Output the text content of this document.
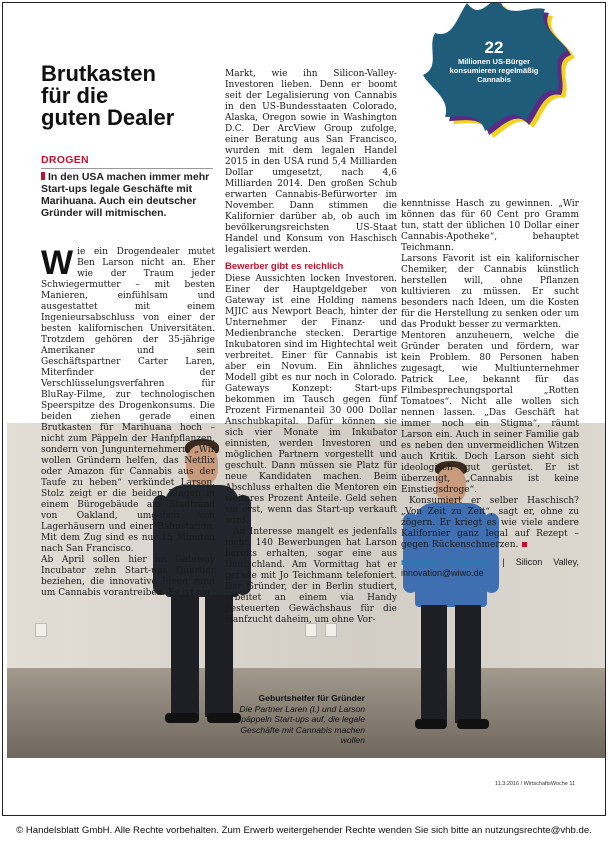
Brutkasten
für die
guten Dealer
DROGEN
In den USA machen immer mehr Start-ups legale Geschäfte mit Marihuana. Auch ein deutscher Gründer will mitmischen.

Wie ein Drogendealer mutet Ben Larson nicht an. Eher wie der Traum jeder Schwiegermutter – mit besten Manieren, einfühlsam und ausgestattet mit einem Ingenieursabschluss von einer der besten kalifornischen Universitäten. Trotzdem gehören der 35-jährige Amerikaner und sein Geschäftspartner Carter Laren, Miterfinder der Verschlüsselungsverfahren für BluRay-Filme, zur technologischen Speerspitze des Drogenkonsums. Die beiden ziehen gerade einen Brutkasten für Marihuana hoch – nicht zum Päppeln der Hanfpflanzen, sondern von Jungunternehmern. „Wir wollen Gründern helfen, das Netflix oder Amazon für Cannabis aus der Taufe zu heben“ verkündet Larson. Stolz zeigt er die beiden Etagen in einem Bürogebäude am Stadtrand von Oakland, umgeben von Lagerhäusern und einer Bahnstation. Mit dem Zug sind es nur 15 Minuten nach San Francisco.

Ab April sollen hier im Gateway Incubator zehn Start-ups Quartier beziehen, die innovative Ideen rund um Cannabis vorantreiben. Es ist ein

Markt, wie ihn Silicon-Valley-Investoren lieben. Denn er boomt seit der Legalisierung von Cannabis in den US-Bundesstaaten Colorado, Alaska, Oregon sowie in Washington D.C. Der ArcView Group zufolge, einer Beratung aus San Francisco, wurden mit dem legalen Handel 2015 in den USA rund 5,4 Milliarden Dollar umgesetzt, nach 4,6 Milliarden 2014. Den großen Schub erwarten Cannabis-Befürworter im November. Dann stimmen die Kalifornier darüber ab, ob auch im bevölkerungsreichsten US-Staat Handel und Konsum von Haschisch legalisiert werden.

Bewerber gibt es reichlich

Diese Aussichten locken Investoren. Einer der Hauptgeldgeber von Gateway ist eine Holding namens MJIC aus Newport Beach, hinter der Unternehmer der Finanz- und Medienbranche stecken. Derartige Inkubatoren sind im Hightechtal weit verbreitet. Einer für Cannabis ist aber ein Novum. Ein ähnliches Modell gibt es nur noch in Colorado. Gateways Konzept: Start-ups bekommen im Tausch gegen fünf Prozent Firmenanteil 30 000 Dollar Anschubkapital. Dafür können sie sich vier Monate im Inkubator einnisten, werden Investoren und möglichen Partnern vorgestellt und geschult. Dann müssen sie Platz für neue Kandidaten machen. Beim Abschluss erhalten die Mentoren ein weiteres Prozent Anteile. Geld sehen sie erst, wenn das Start-up verkauft wird.

An Interesse mangelt es jedenfalls nicht. 140 Bewerbungen hat Larson bereits erhalten, sogar eine aus Deutschland. Am Vormittag hat er gerade mit Jo Teichmann telefoniert. Der Gründer, der in Berlin studiert, arbeitet an einem via Handy gesteuerten Gewächshaus für die Hanfzucht daheim, um ohne Vor-

kenntnisse Hasch zu gewinnen. „Wir können das für 60 Cent pro Gramm tun, statt der üblichen 10 Dollar einer Cannabis-Apotheke“, behauptet Teichmann.

Larsons Favorit ist ein kalifornischer Chemiker, der Cannabis künstlich herstellen will, ohne Pflanzen kultivieren zu müssen. Er sucht besonders nach Ideen, um die Kosten für die Herstellung zu senken oder um das Produkt besser zu vermarkten.

Mentoren anzuheuern, welche die Gründer beraten und fördern, war kein Problem. 80 Personen haben zugesagt, wie Multiunternehmer Patrick Lee, bekannt für das Filmbesprechungsportal „Rotten Tomatoes“. Nicht alle wollen sich nennen lassen. „Das Geschäft hat immer noch ein Stigma“, räumt Larson ein. Auch in seiner Familie gab es neben den unvermeidlichen Witzen auch Kritik. Doch Larson sieht sich ideologisch gut gerüstet. Er ist überzeugt, „Cannabis ist keine Einstiegsdroge“.

Konsumiert er selber Haschisch? „Von Zeit zu Zeit“, sagt er, ohne zu zögern. Er kriegt es wie viele andere Kalifornier ganz legal auf Rezept – gegen Rückenschmerzen.

matthias hohensee | Silicon Valley, innovation@wiwo.de
Geburtshelfer für Gründer
Die Partner Laren (l.) und Larson päppeln Start-ups auf, die legale Geschäfte mit Cannabis machen wollen
11.3.2016 / WirtschaftsWoche 11
22
Millionen US-Bürger konsumieren regelmäßig Cannabis
© Handelsblatt GmbH. Alle Rechte vorbehalten. Zum Erwerb weitergehender Rechte wenden Sie sich bitte an nutzungsrechte@vhb.de.
